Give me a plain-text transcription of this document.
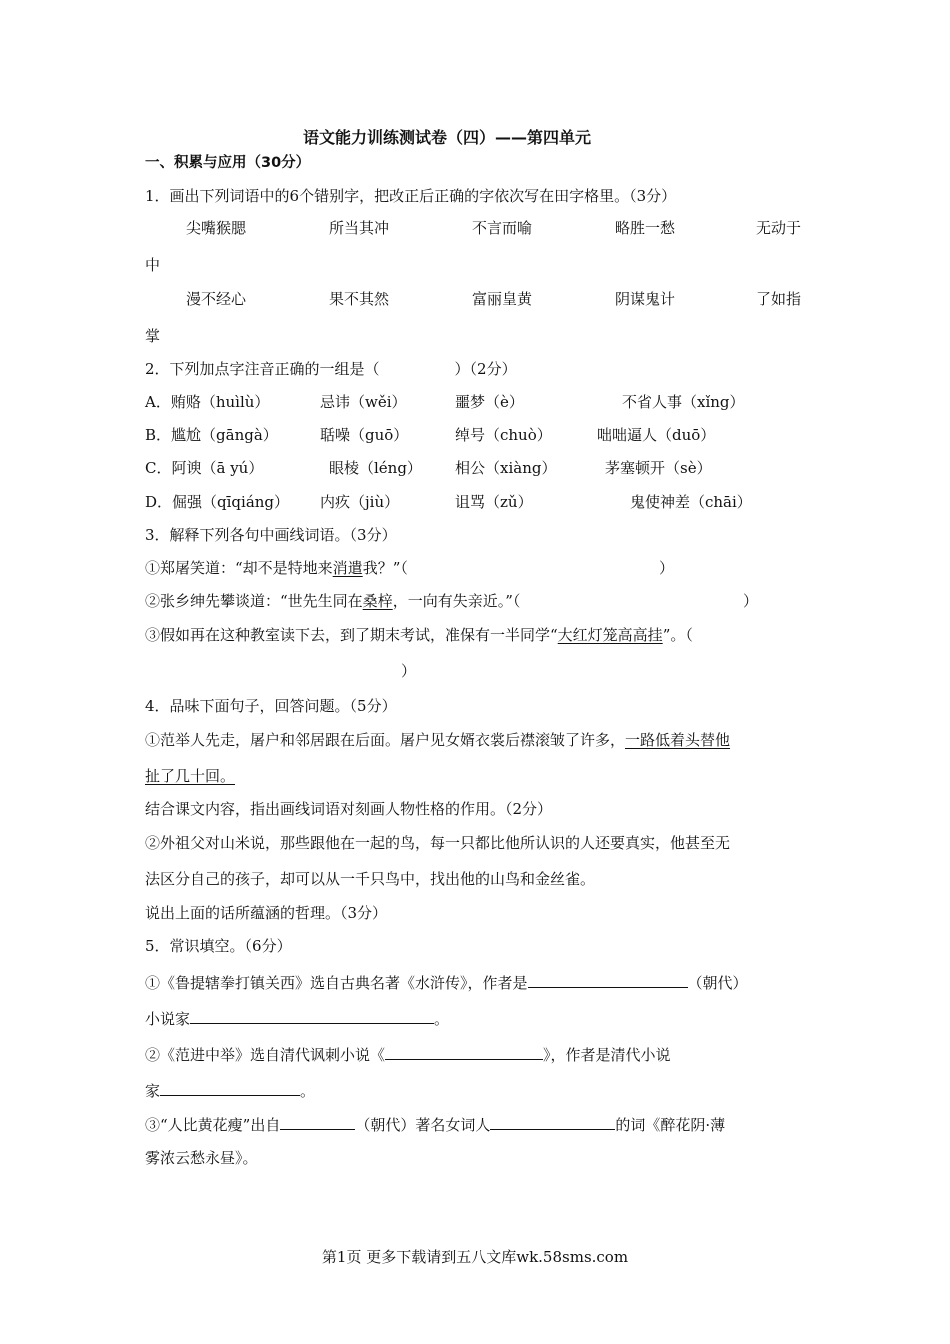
语文能力训练测试卷（四）——第四单元
一、积累与应用（30分）
1．画出下列词语中的6个错别字，把改正后正确的字依次写在田字格里。（3分）
尖嘴猴腮	所当其冲	不言而喻	略胜一愁	无动于
中
漫不经心	果不其然	富丽皇黄	阴谋鬼计	了如指
掌
2．下列加点字注音正确的一组是（　　　　　）（2分）
A．贿赂（huìlù）	忌讳（wěi）	噩梦（è）	不省人事（xǐng）
B．尴尬（gāngà）	聒噪（guō）	绰号（chuò）	咄咄逼人（duō）
C．阿谀（ā yú）	眼棱（léng） 相公（xiàng）	茅塞顿开（sè）
D．倔强（qīqiáng） 内疚（jiù）	诅骂（zǔ）	鬼使神差（chāi）
3．解释下列各句中画线词语。（3分）
①郑屠笑道：“却不是特地来消遣我？”（	）
②张乡绅先攀谈道：“世先生同在桑梓，一向有失亲近。”（	）
③假如再在这种教室读下去，到了期末考试，准保有一半同学“大红灯笼高高挂”。（
）
4．品味下面句子，回答问题。（5分）
①范举人先走，屠户和邻居跟在后面。屠户见女婿衣裳后襟滚皱了许多，一路低着头替他
扯了几十回。
结合课文内容，指出画线词语对刻画人物性格的作用。（2分）
②外祖父对山米说，那些跟他在一起的鸟，每一只都比他所认识的人还要真实，他甚至无
法区分自己的孩子，却可以从一千只鸟中，找出他的山鸟和金丝雀。
说出上面的话所蕴涵的哲理。（3分）
5．常识填空。（6分）
①《鲁提辖拳打镇关西》选自古典名著《水浒传》，作者是	（朝代）
小说家	。
②《范进中举》选自清代讽刺小说《	》，作者是清代小说
家	。
③“人比黄花瘦”出自	（朝代）著名女词人	的词《醉花阴·薄
雾浓云愁永昼》。
第1页 更多下载请到五八文库wk.58sms.com
